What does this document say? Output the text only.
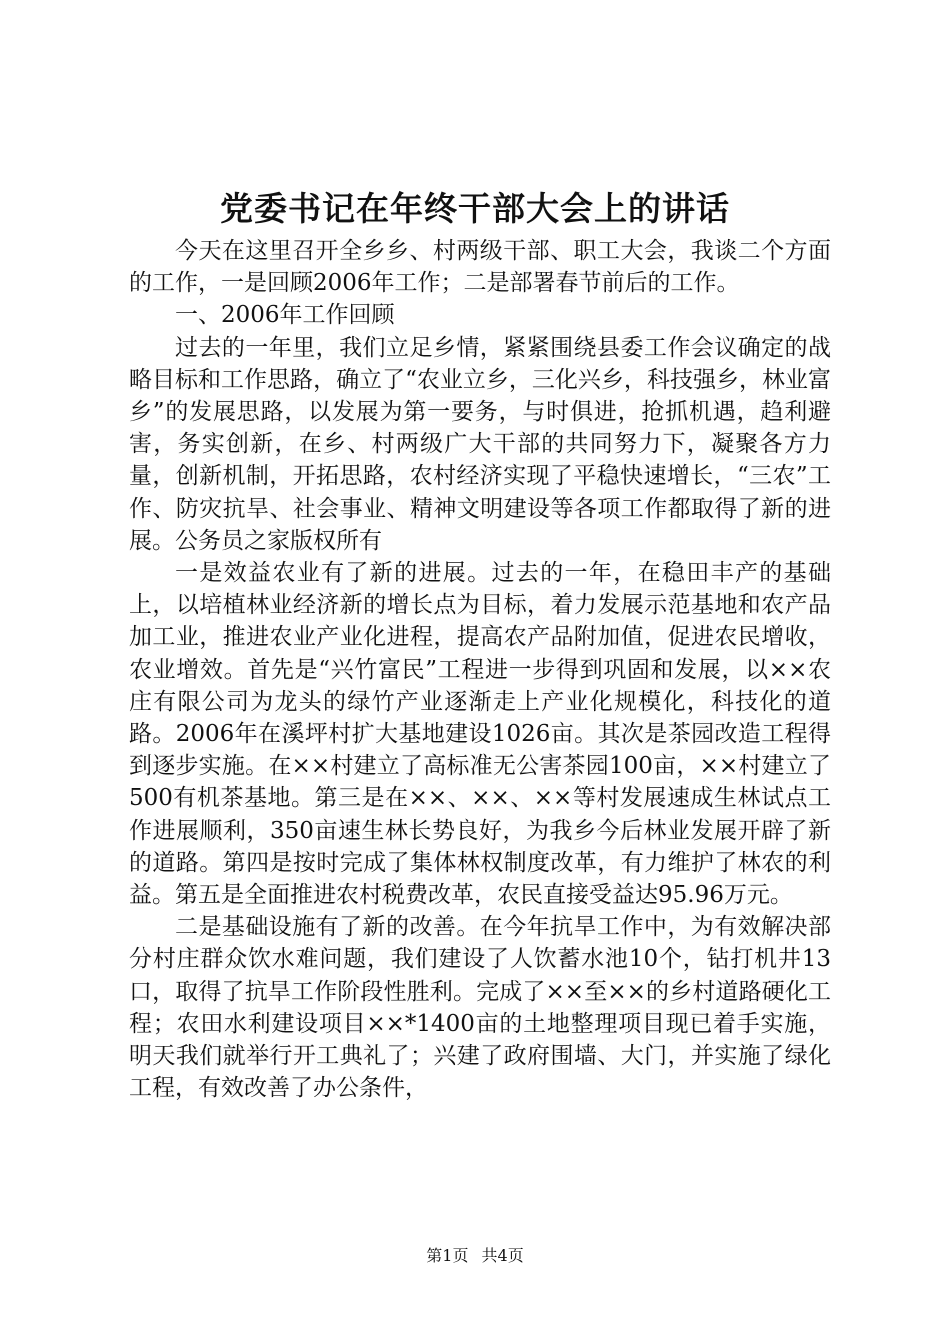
党委书记在年终干部大会上的讲话

今天在这里召开全乡乡、村两级干部、职工大会，我谈二个方面的工作，一是回顾2006年工作；二是部署春节前后的工作。

一、2006年工作回顾

过去的一年里，我们立足乡情，紧紧围绕县委工作会议确定的战略目标和工作思路，确立了“农业立乡，三化兴乡，科技强乡，林业富乡”的发展思路，以发展为第一要务，与时俱进，抢抓机遇，趋利避害，务实创新，在乡、村两级广大干部的共同努力下，凝聚各方力量，创新机制，开拓思路，农村经济实现了平稳快速增长，“三农”工作、防灾抗旱、社会事业、精神文明建设等各项工作都取得了新的进展。公务员之家版权所有

一是效益农业有了新的进展。过去的一年，在稳田丰产的基础上，以培植林业经济新的增长点为目标，着力发展示范基地和农产品加工业，推进农业产业化进程，提高农产品附加值，促进农民增收，农业增效。首先是“兴竹富民”工程进一步得到巩固和发展，以××农庄有限公司为龙头的绿竹产业逐渐走上产业化规模化，科技化的道路。2006年在溪坪村扩大基地建设1026亩。其次是茶园改造工程得到逐步实施。在××村建立了高标准无公害茶园100亩，××村建立了500有机茶基地。第三是在××、××、××等村发展速成生林试点工作进展顺利，350亩速生林长势良好，为我乡今后林业发展开辟了新的道路。第四是按时完成了集体林权制度改革，有力维护了林农的利益。第五是全面推进农村税费改革，农民直接受益达95.96万元。

二是基础设施有了新的改善。在今年抗旱工作中，为有效解决部分村庄群众饮水难问题，我们建设了人饮蓄水池10个，钻打机井13口，取得了抗旱工作阶段性胜利。完成了××至××的乡村道路硬化工程；农田水利建设项目××*1400亩的土地整理项目现已着手实施，明天我们就举行开工典礼了；兴建了政府围墙、大门，并实施了绿化工程，有效改善了办公条件，

第1页 共4页
